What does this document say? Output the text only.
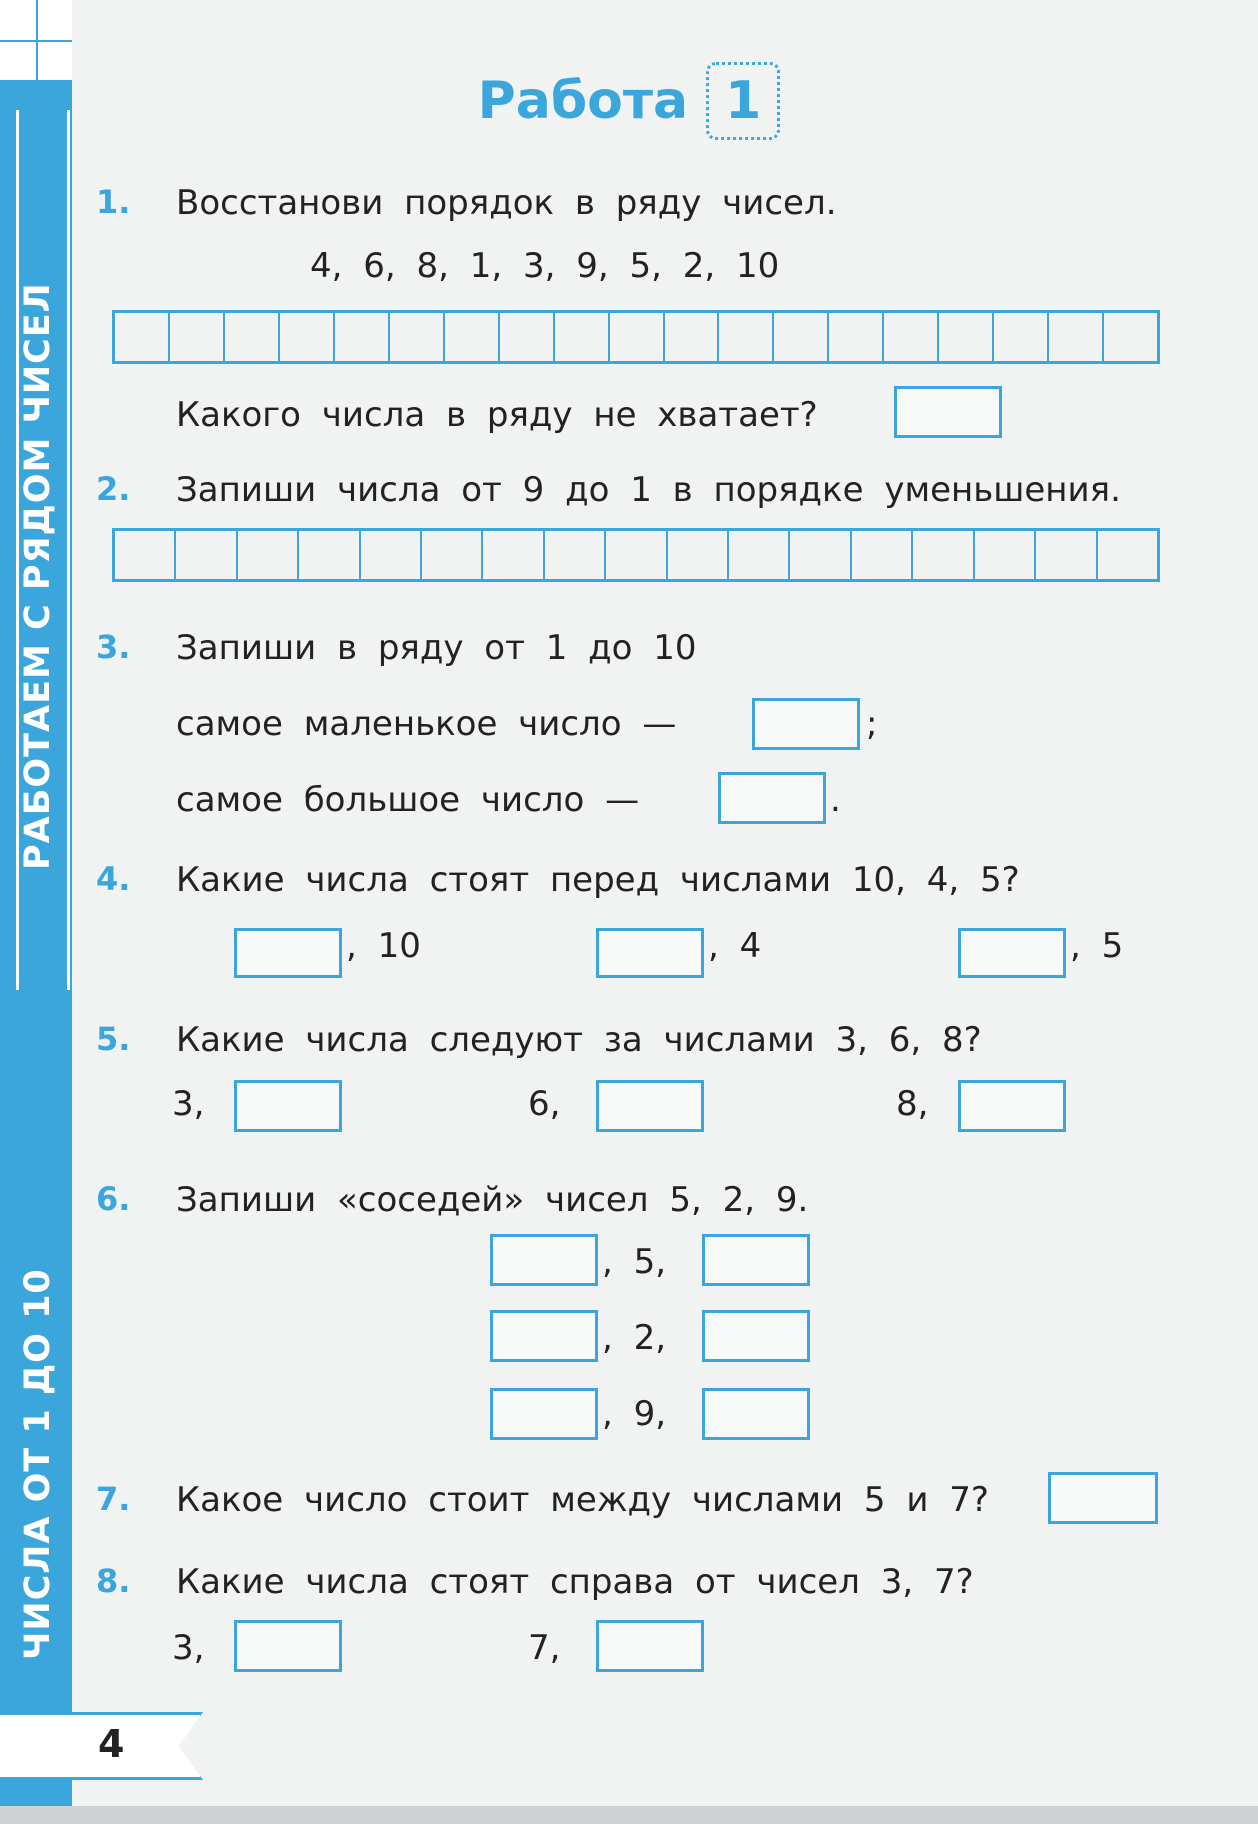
РАБОТАЕМ С РЯДОМ ЧИСЕЛ
ЧИСЛА ОТ 1 ДО 10
4
Работа 1
1. Восстанови порядок в ряду чисел.
4, 6, 8, 1, 3, 9, 5, 2, 10
Какого числа в ряду не хватает?
2. Запиши числа от 9 до 1 в порядке уменьшения.
3. Запиши в ряду от 1 до 10
самое маленькое число —	;
самое большое число —	.
4. Какие числа стоят перед числами 10, 4, 5?
, 10	, 4	, 5
5. Какие числа следуют за числами 3, 6, 8?
3,	6,	8,
6. Запиши «соседей» чисел 5, 2, 9.
, 5,
, 2,
, 9,
7. Какое число стоит между числами 5 и 7?
8. Какие числа стоят справа от чисел 3, 7?
3,	7,
